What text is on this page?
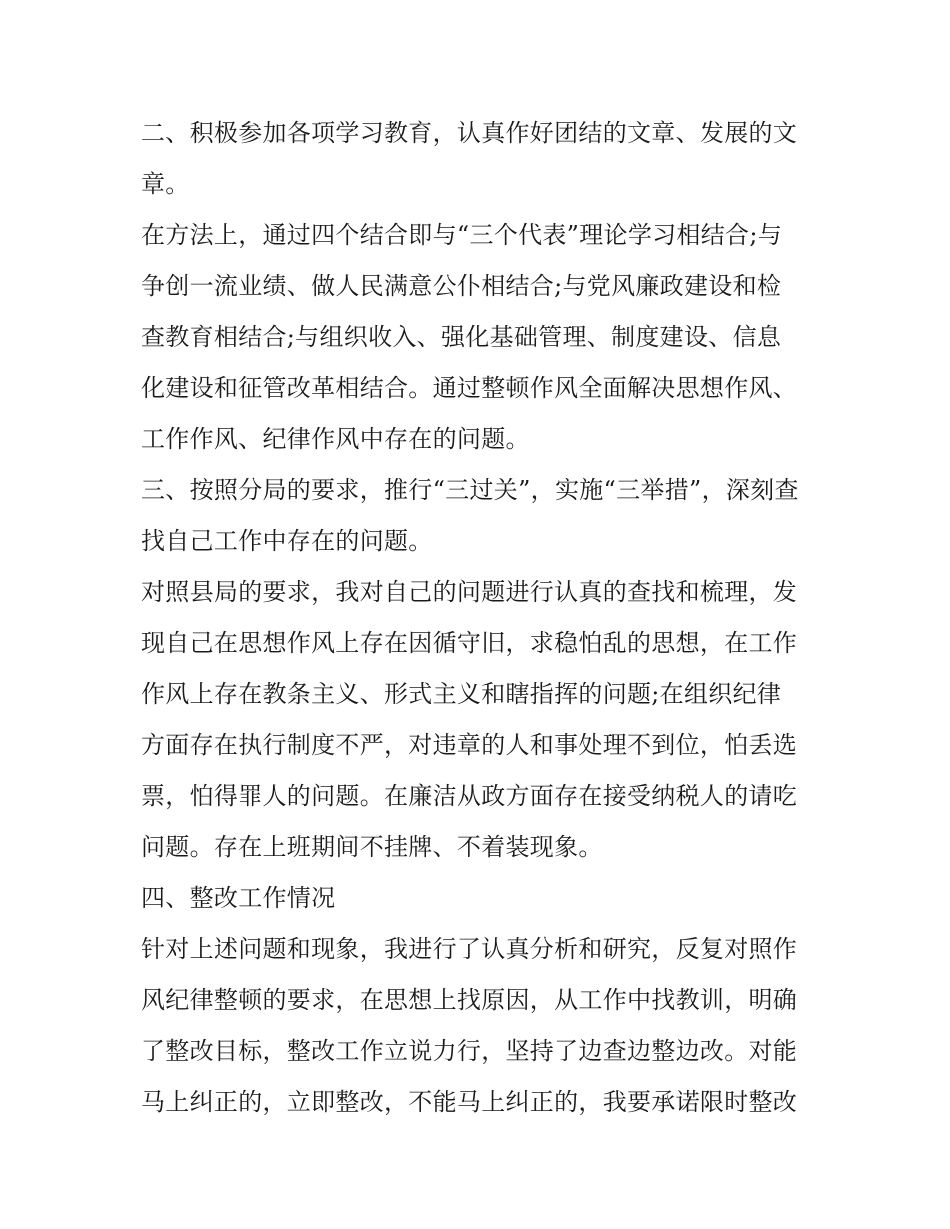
二、积极参加各项学习教育，认真作好团结的文章、发展的文
章。
在方法上，通过四个结合即与“三个代表”理论学习相结合;与
争创一流业绩、做人民满意公仆相结合;与党风廉政建设和检
查教育相结合;与组织收入、强化基础管理、制度建设、信息
化建设和征管改革相结合。通过整顿作风全面解决思想作风、
工作作风、纪律作风中存在的问题。
三、按照分局的要求，推行“三过关”，实施“三举措”，深刻查
找自己工作中存在的问题。
对照县局的要求，我对自己的问题进行认真的查找和梳理，发
现自己在思想作风上存在因循守旧，求稳怕乱的思想，在工作
作风上存在教条主义、形式主义和瞎指挥的问题;在组织纪律
方面存在执行制度不严，对违章的人和事处理不到位，怕丢选
票，怕得罪人的问题。在廉洁从政方面存在接受纳税人的请吃
问题。存在上班期间不挂牌、不着装现象。
四、整改工作情况
针对上述问题和现象，我进行了认真分析和研究，反复对照作
风纪律整顿的要求，在思想上找原因，从工作中找教训，明确
了整改目标，整改工作立说力行，坚持了边查边整边改。对能
马上纠正的，立即整改，不能马上纠正的，我要承诺限时整改
